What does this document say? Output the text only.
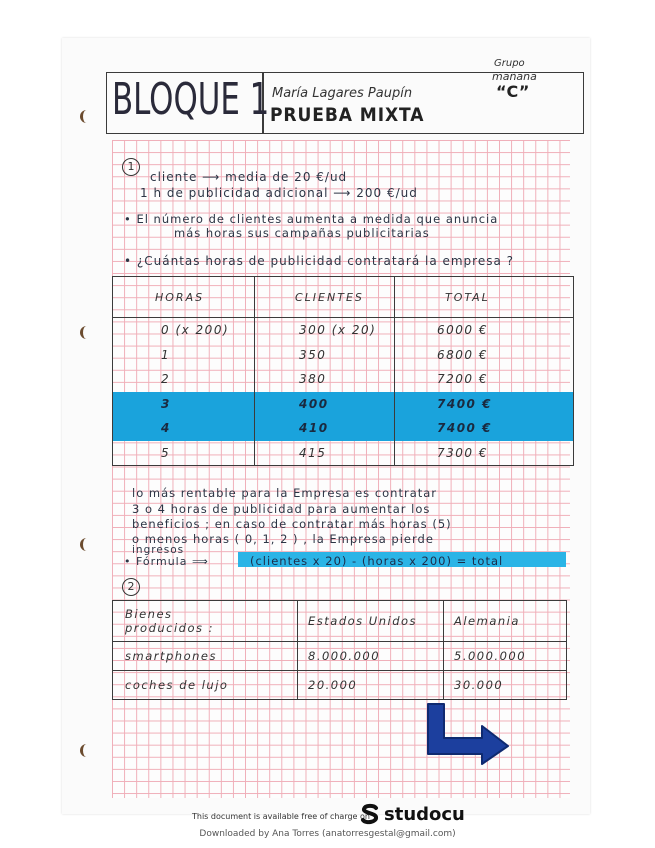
BLOQUE 1 María Lagares Paupín
PRUEBA MIXTA
Grupo
mañana
“C”
1
cliente ⟶ media de 20 €/ud
1 h de publicidad adicional ⟶ 200 €/ud
• El número de clientes aumenta a medida que anuncia
más horas sus campañas publicitarias
• ¿Cuántas horas de publicidad contratará la empresa ?
HORAS	CLIENTES	TOTAL
0 (x 200)	300 (x 20)	6000 €
1	350	6800 €
2	380	7200 €
3	400	7400 €
4	410	7400 €
5	415	7300 €
lo más rentable para la Empresa es contratar
3 o 4 horas de publicidad para aumentar los
beneficios ; en caso de contratar más horas (5)
o menos horas ( 0, 1, 2 ) , la Empresa pierde
ingresos
• Fórmula ⟹	(clientes x 20) - (horas x 200) = total
2
Bienes
producidos :	Estados Unidos	Alemania
smartphones	8.000.000	5.000.000
coches de lujo	20.000	30.000
This document is available free of charge on studocu
Downloaded by Ana Torres (anatorresgestal@gmail.com)
